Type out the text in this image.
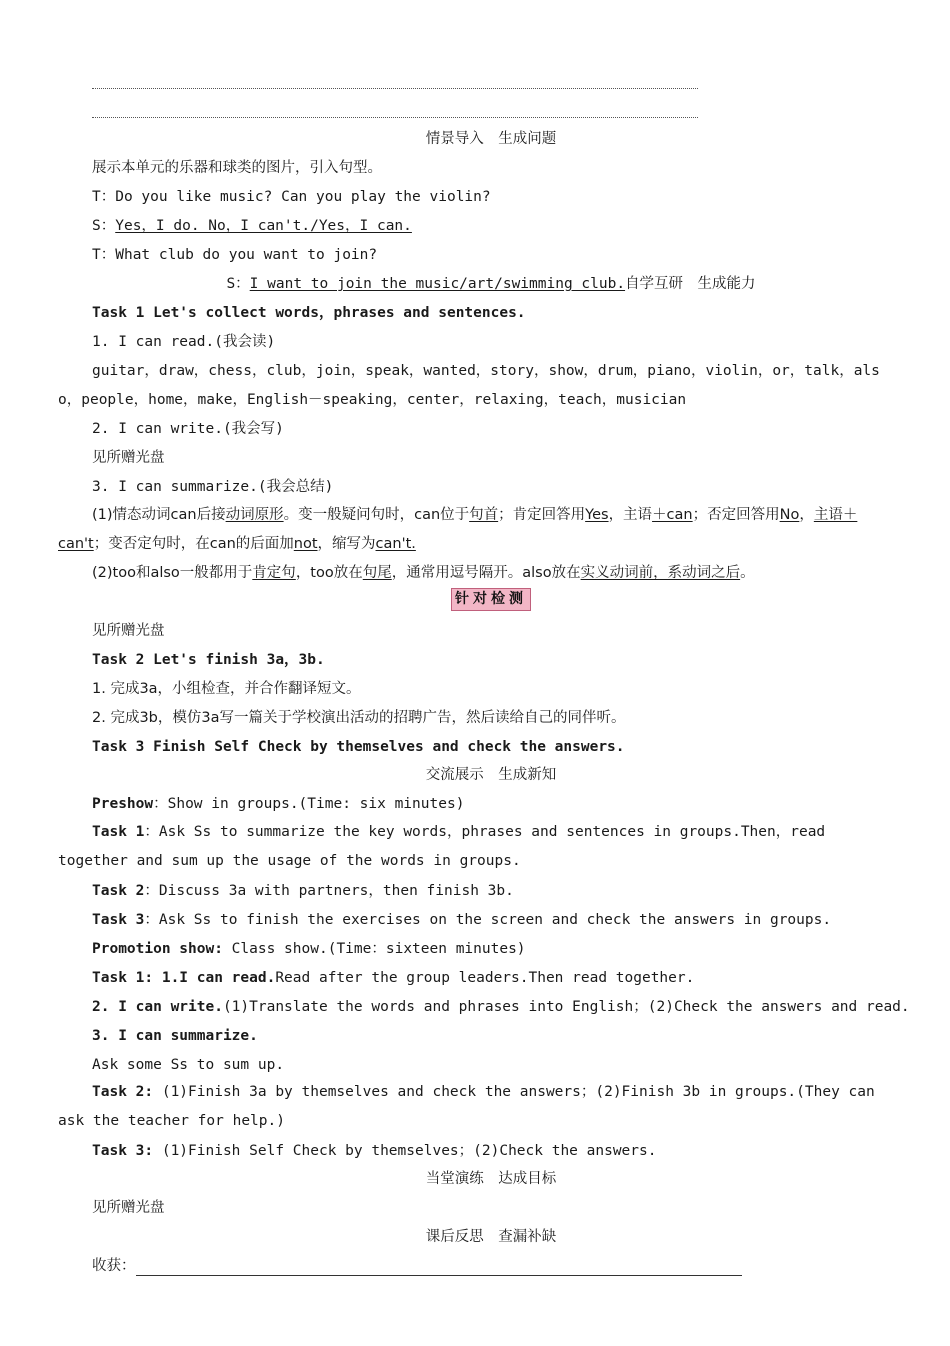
情景导入　生成问题
展示本单元的乐器和球类的图片，引入句型。
T：Do you like music? Can you play the violin?
S：Yes，I do. No，I can't./Yes，I can.
T：What club do you want to join?
S：I want to join the music/art/swimming club.自学互研　生成能力
Task 1 Let's collect words，phrases and sentences.
1. I can read.(我会读)
guitar，draw，chess，club，join，speak，wanted，story，show，drum，piano，violin，or，talk，also，people，home，make，English－speaking，center，relaxing，teach，musician
2. I can write.(我会写)
见所赠光盘
3. I can summarize.(我会总结)
(1)情态动词can后接动词原形。变一般疑问句时，can位于句首；肯定回答用Yes，主语＋can；否定回答用No，主语＋can't；变否定句时，在can的后面加not，缩写为can't.
(2)too和also一般都用于肯定句，too放在句尾，通常用逗号隔开。also放在实义动词前，系动词之后。
针对检测
见所赠光盘
Task 2 Let's finish 3a，3b.
1. 完成3a，小组检查，并合作翻译短文。
2. 完成3b，模仿3a写一篇关于学校演出活动的招聘广告，然后读给自己的同伴听。
Task 3 Finish Self Check by themselves and check the answers.
交流展示　生成新知
Preshow：Show in groups.(Time: six minutes)
Task 1：Ask Ss to summarize the key words，phrases and sentences in groups.Then，read together and sum up the usage of the words in groups.
Task 2：Discuss 3a with partners，then finish 3b.
Task 3：Ask Ss to finish the exercises on the screen and check the answers in groups.
Promotion show: Class show.(Time：sixteen minutes)
Task 1: 1.I can read.Read after the group leaders.Then read together.
2. I can write.(1)Translate the words and phrases into English；(2)Check the answers and read.
3. I can summarize.
Ask some Ss to sum up.
Task 2: (1)Finish 3a by themselves and check the answers；(2)Finish 3b in groups.(They can ask the teacher for help.)
Task 3: (1)Finish Self Check by themselves；(2)Check the answers.
当堂演练　达成目标
见所赠光盘
课后反思　查漏补缺
收获：
